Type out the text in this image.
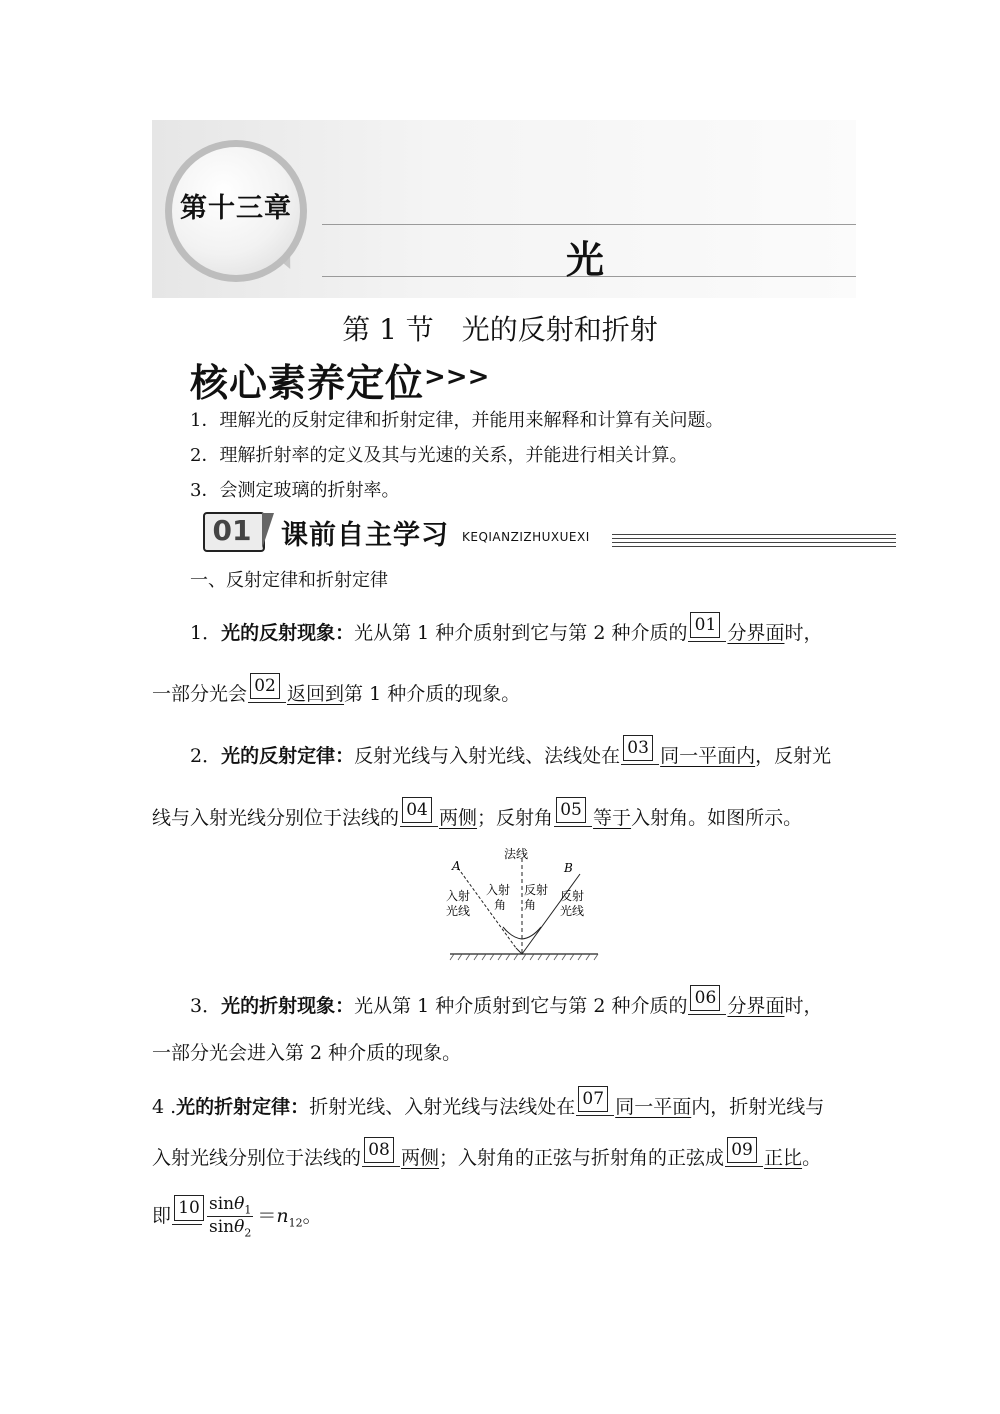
第十三章
光
第 1 节　光的反射和折射
核心素养定位 >>>
1．理解光的反射定律和折射定律，并能用来解释和计算有关问题。
2．理解折射率的定义及其与光速的关系，并能进行相关计算。
3．会测定玻璃的折射率。
01	课前自主学习 KEQIANZIZHUXUEXI
一、反射定律和折射定律
1．光的反射现象：光从第 1 种介质射到它与第 2 种介质的 01 分界面时，
一部分光会 02 返回到第 1 种介质的现象。
2．光的反射定律：反射光线与入射光线、法线处在 03 同一平面内，反射光
线与入射光线分别位于法线的 04 两侧；反射角 05 等于入射角。如图所示。
法线
A	B
入射
光线
入射
角
反射
角
反射
光线
3．光的折射现象：光从第 1 种介质射到它与第 2 种介质的 06 分界面时，
一部分光会进入第 2 种介质的现象。
4 .光的折射定律：折射光线、入射光线与法线处在 07 同一平面内，折射光线与
入射光线分别位于法线的 08 两侧；入射角的正弦与折射角的正弦成 09 正比。
即 $10 \frac{\sin\theta_1}{\sin\theta_2} =n_{12}$。
